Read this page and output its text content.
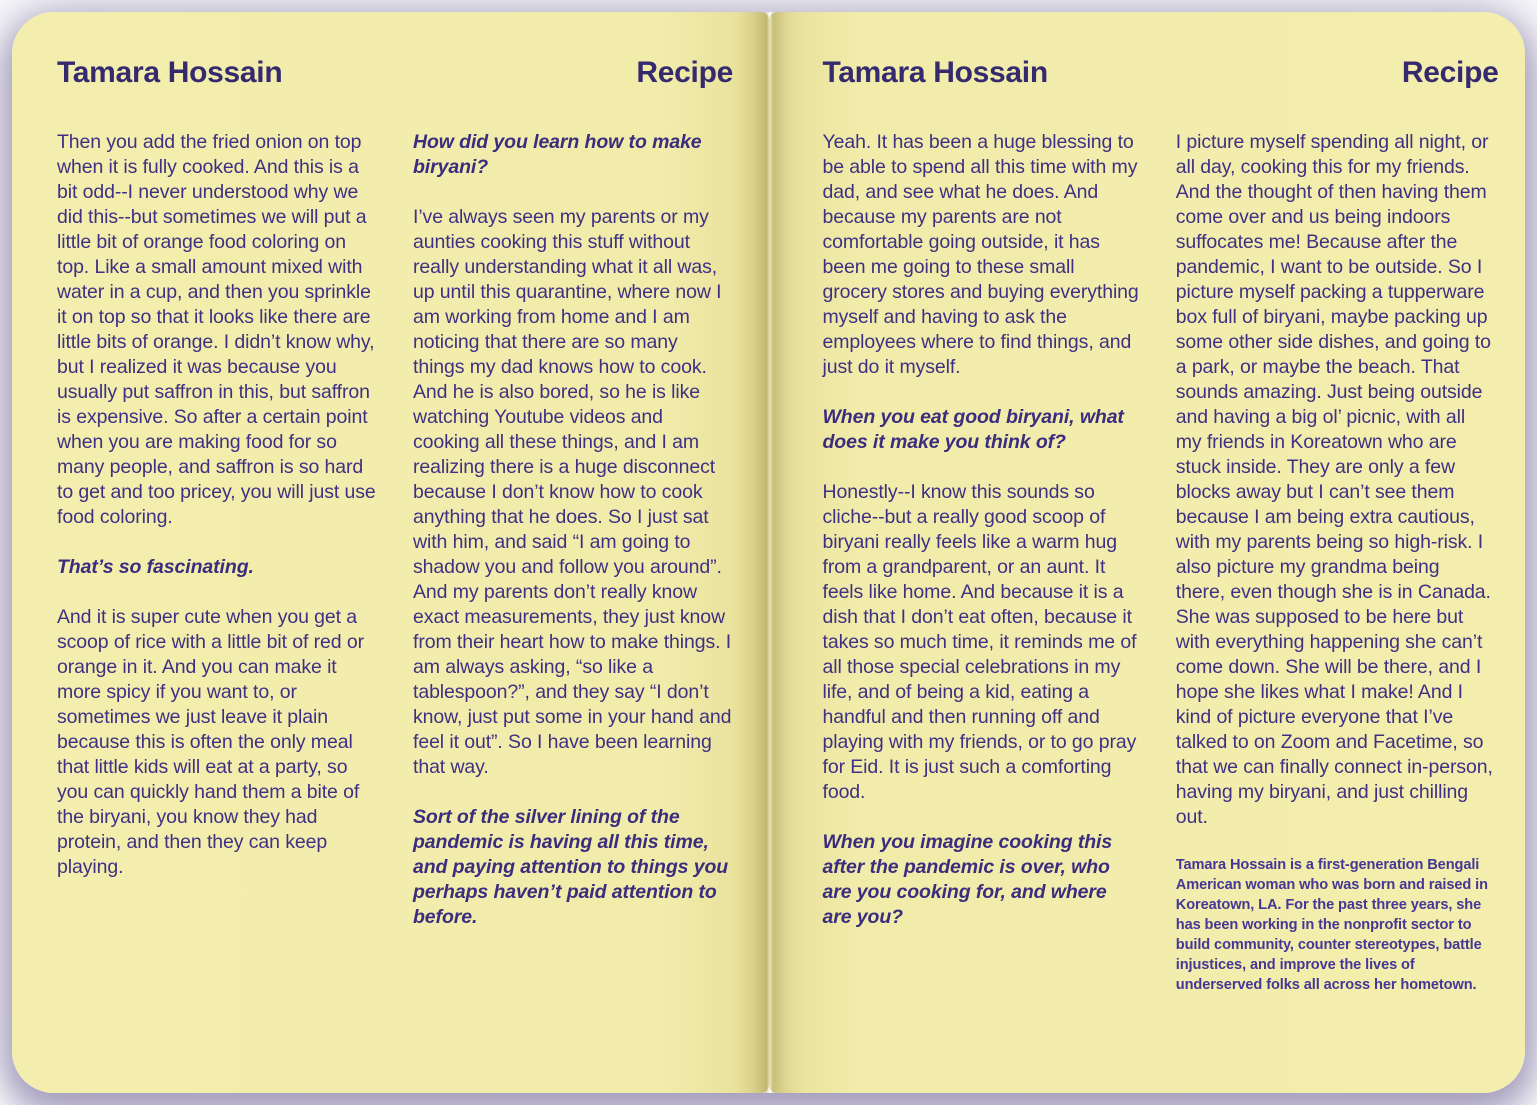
Tamara Hossain	Recipe

Then you add the fried onion on top when it is fully cooked. And this is a bit odd--I never understood why we did this--but sometimes we will put a little bit of orange food coloring on top. Like a small amount mixed with water in a cup, and then you sprinkle it on top so that it looks like there are little bits of orange. I didn’t know why, but I realized it was because you usually put saffron in this, but saffron is expensive. So after a certain point when you are making food for so many people, and saffron is so hard to get and too pricey, you will just use food coloring.

That’s so fascinating.

And it is super cute when you get a scoop of rice with a little bit of red or orange in it. And you can make it more spicy if you want to, or sometimes we just leave it plain because this is often the only meal that little kids will eat at a party, so you can quickly hand them a bite of the biryani, you know they had protein, and then they can keep playing.

How did you learn how to make biryani?

I’ve always seen my parents or my aunties cooking this stuff without really understanding what it all was, up until this quarantine, where now I am working from home and I am noticing that there are so many things my dad knows how to cook. And he is also bored, so he is like watching Youtube videos and cooking all these things, and I am realizing there is a huge disconnect because I don’t know how to cook anything that he does. So I just sat with him, and said “I am going to shadow you and follow you around”. And my parents don’t really know exact measurements, they just know from their heart how to make things. I am always asking, “so like a tablespoon?”, and they say “I don’t know, just put some in your hand and feel it out”. So I have been learning that way.

Sort of the silver lining of the pandemic is having all this time, and paying attention to things you perhaps haven’t paid attention to before.

Tamara Hossain	Recipe

Yeah. It has been a huge blessing to be able to spend all this time with my dad, and see what he does. And because my parents are not comfortable going outside, it has been me going to these small grocery stores and buying everything myself and having to ask the employees where to find things, and just do it myself.

When you eat good biryani, what does it make you think of?

Honestly--I know this sounds so cliche--but a really good scoop of biryani really feels like a warm hug from a grandparent, or an aunt. It feels like home. And because it is a dish that I don’t eat often, because it takes so much time, it reminds me of all those special celebrations in my life, and of being a kid, eating a handful and then running off and playing with my friends, or to go pray for Eid. It is just such a comforting food.

When you imagine cooking this after the pandemic is over, who are you cooking for, and where are you?

I picture myself spending all night, or all day, cooking this for my friends. And the thought of then having them come over and us being indoors suffocates me! Because after the pandemic, I want to be outside. So I picture myself packing a tupperware box full of biryani, maybe packing up some other side dishes, and going to a park, or maybe the beach. That sounds amazing. Just being outside and having a big ol’ picnic, with all my friends in Koreatown who are stuck inside. They are only a few blocks away but I can’t see them because I am being extra cautious, with my parents being so high-risk. I also picture my grandma being there, even though she is in Canada. She was supposed to be here but with everything happening she can’t come down. She will be there, and I hope she likes what I make! And I kind of picture everyone that I’ve talked to on Zoom and Facetime, so that we can finally connect in-person, having my biryani, and just chilling out.

Tamara Hossain is a first-generation Bengali American woman who was born and raised in Koreatown, LA. For the past three years, she has been working in the nonprofit sector to build community, counter stereotypes, battle injustices, and improve the lives of underserved folks all across her hometown.
